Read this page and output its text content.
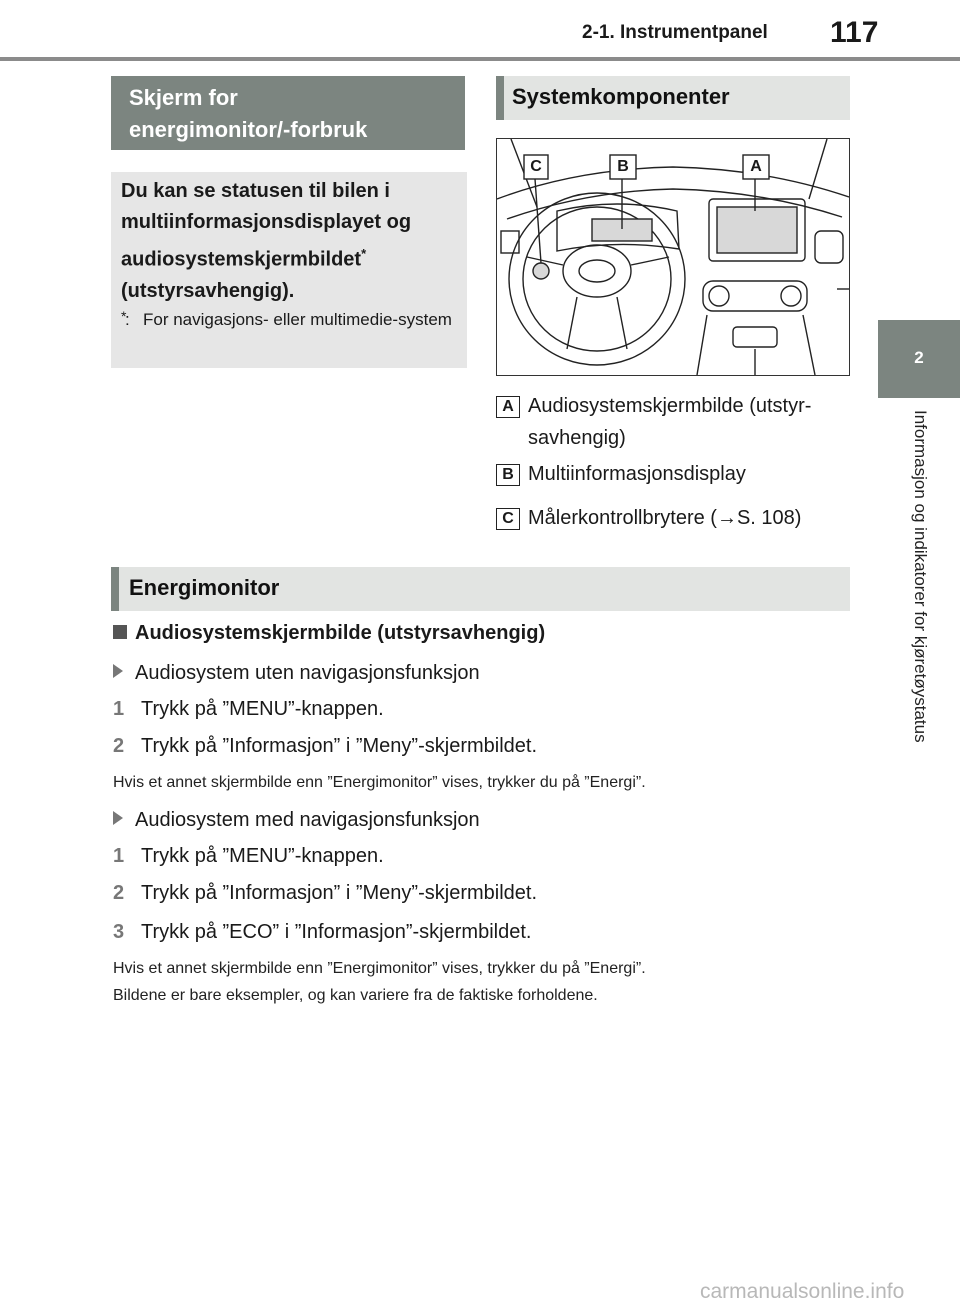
2-1. Instrumentpanel 117
2
Informasjon og indikatorer for kjøretøystatus
Skjerm for
energimonitor/-forbruk
Du kan se statusen til bilen i multiinformasjonsdisplayet og audiosystemskjermbildet*
(utstyrsavhengig).
*
: For navigasjons- eller multimedie-system
Systemkomponenter
C	B	A
A Audiosystemskjermbilde (utstyr-
savhengig)
B Multiinformasjonsdisplay
C Målerkontrollbrytere (→S. 108)
Energimonitor
Audiosystemskjermbilde (utstyrsavhengig)
Audiosystem uten navigasjonsfunksjon
1 Trykk på ”MENU”-knappen.
2 Trykk på ”Informasjon” i ”Meny”-skjermbildet.
Hvis et annet skjermbilde enn ”Energimonitor” vises, trykker du på ”Energi”.
Audiosystem med navigasjonsfunksjon
1 Trykk på ”MENU”-knappen.
2 Trykk på ”Informasjon” i ”Meny”-skjermbildet.
3 Trykk på ”ECO” i ”Informasjon”-skjermbildet.
Hvis et annet skjermbilde enn ”Energimonitor” vises, trykker du på ”Energi”.
Bildene er bare eksempler, og kan variere fra de faktiske forholdene.
carmanualsonline.info
